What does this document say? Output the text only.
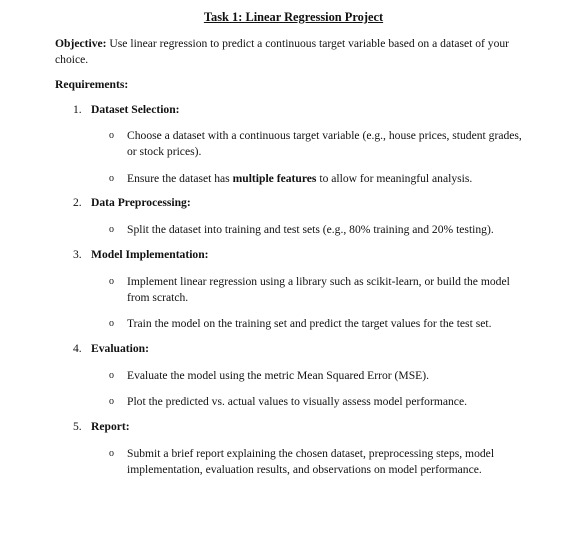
Task 1: Linear Regression Project
Objective: Use linear regression to predict a continuous target variable based on a dataset of your choice.
Requirements:
1. Dataset Selection:
o Choose a dataset with a continuous target variable (e.g., house prices, student grades, or stock prices).
o Ensure the dataset has multiple features to allow for meaningful analysis.
2. Data Preprocessing:
o Split the dataset into training and test sets (e.g., 80% training and 20% testing).
3. Model Implementation:
o Implement linear regression using a library such as scikit-learn, or build the model from scratch.
o Train the model on the training set and predict the target values for the test set.
4. Evaluation:
o Evaluate the model using the metric Mean Squared Error (MSE).
o Plot the predicted vs. actual values to visually assess model performance.
5. Report:
o Submit a brief report explaining the chosen dataset, preprocessing steps, model implementation, evaluation results, and observations on model performance.
